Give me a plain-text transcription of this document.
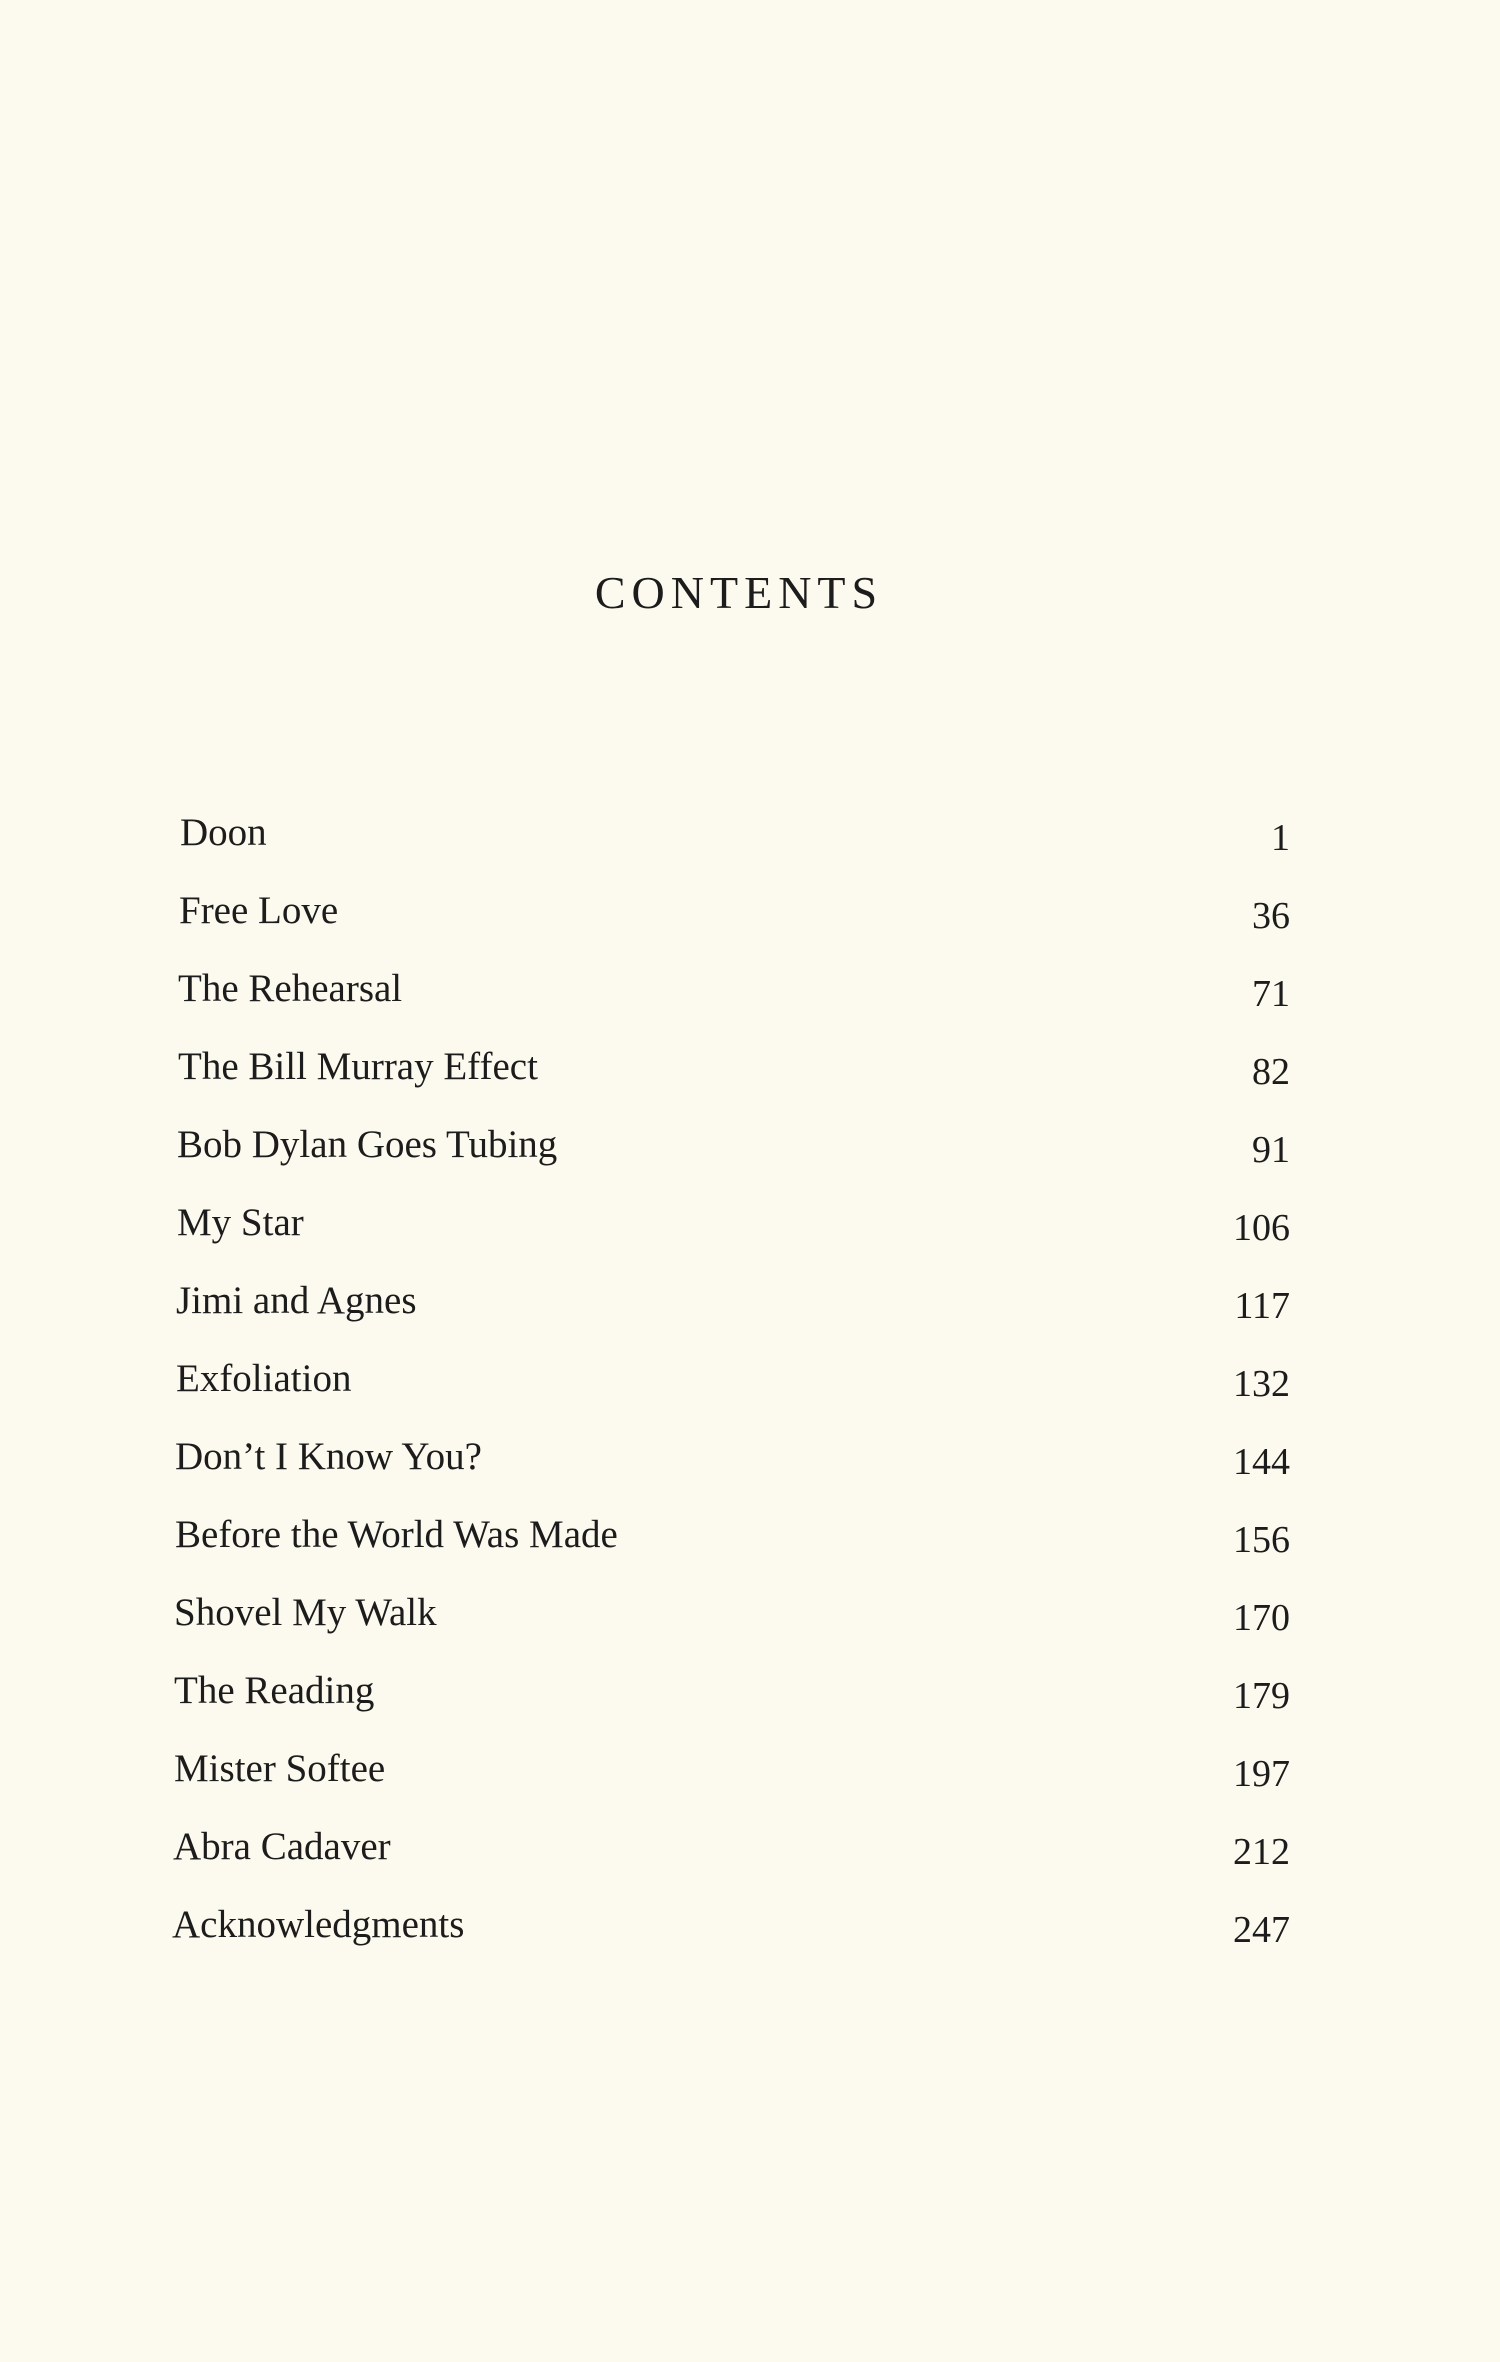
CONTENTS
Doon	1
Free Love	36
The Rehearsal	71
The Bill Murray Effect	82
Bob Dylan Goes Tubing	91
My Star	106
Jimi and Agnes	117
Exfoliation	132
Don’t I Know You?	144
Before the World Was Made	156
Shovel My Walk	170
The Reading	179
Mister Softee	197
Abra Cadaver	212
Acknowledgments	247
